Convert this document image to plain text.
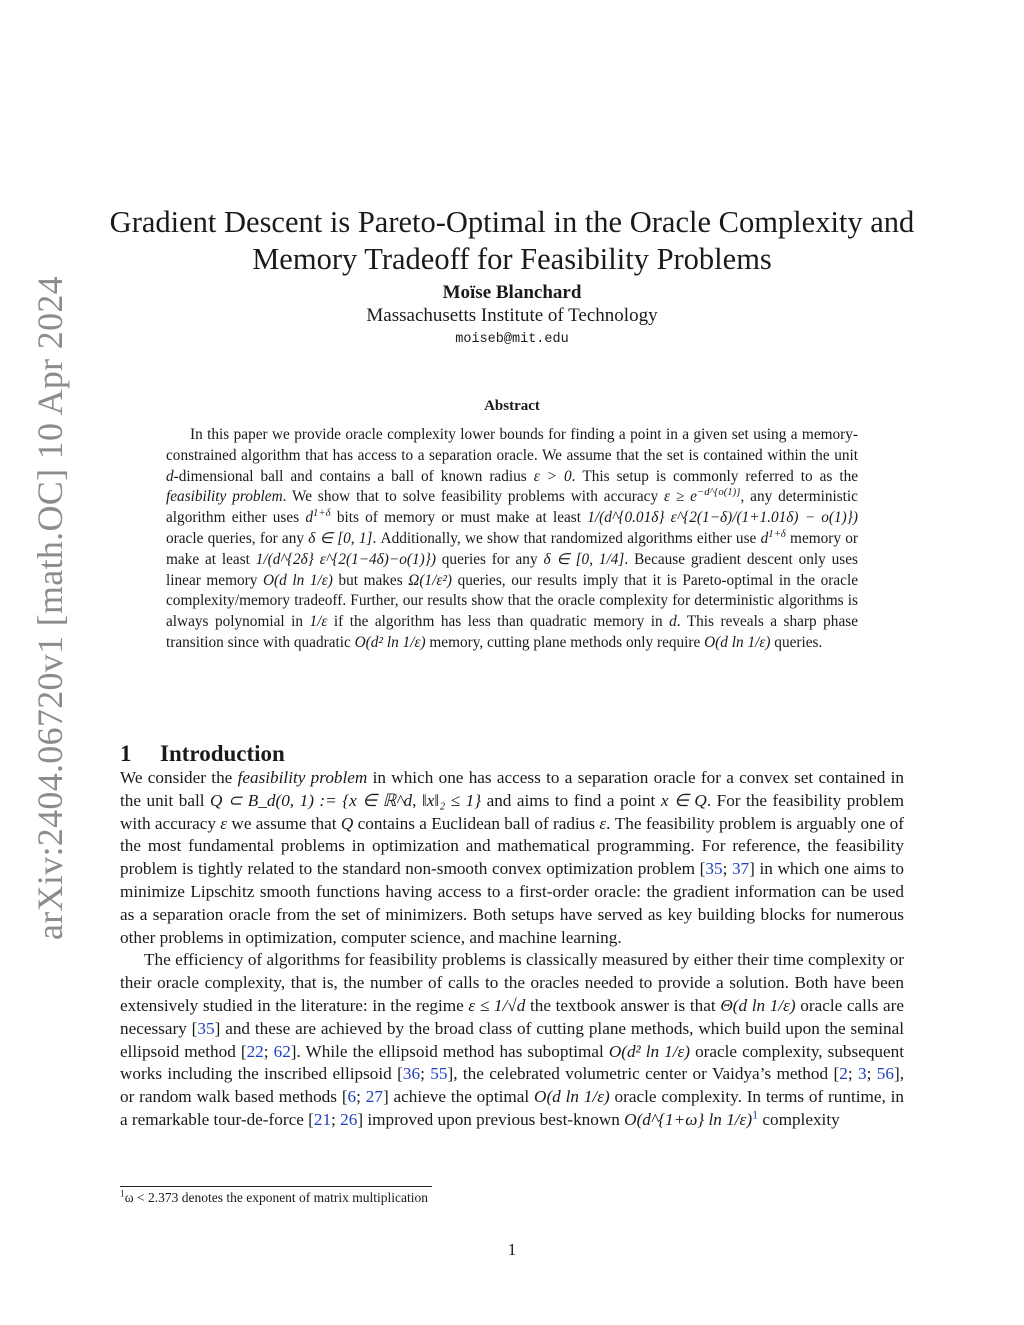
arXiv:2404.06720v1 [math.OC] 10 Apr 2024
Gradient Descent is Pareto-Optimal in the Oracle Complexity and Memory Tradeoff for Feasibility Problems
Moïse Blanchard
Massachusetts Institute of Technology
moiseb@mit.edu
Abstract

In this paper we provide oracle complexity lower bounds for finding a point in a given set using a memory-constrained algorithm that has access to a separation oracle. We assume that the set is contained within the unit d-dimensional ball and contains a ball of known radius ε > 0. This setup is commonly referred to as the feasibility problem. We show that to solve feasibility problems with accuracy $\varepsilon \ge e^{-d\^{}\{o(1)\}}$, any deterministic algorithm either uses $d^{1+\delta}$ bits of memory or must make at least 1/(d^{0.01δ} ε^{2(1−δ)/(1+1.01δ) − o(1)}) oracle queries, for any δ ∈ [0, 1]. Additionally, we show that randomized algorithms either use $d^{1+\delta}$ memory or make at least 1/(d^{2δ} ε^{2(1−4δ)−o(1)}) queries for any δ ∈ [0, 1/4]. Because gradient descent only uses linear memory O(d ln 1/ε) but makes Ω(1/ε²) queries, our results imply that it is Pareto-optimal in the oracle complexity/memory tradeoff. Further, our results show that the oracle complexity for deterministic algorithms is always polynomial in 1/ε if the algorithm has less than quadratic memory in d. This reveals a sharp phase transition since with quadratic O(d² ln 1/ε) memory, cutting plane methods only require O(d ln 1/ε) queries.

1 Introduction

We consider the feasibility problem in which one has access to a separation oracle for a convex set contained in the unit ball Q ⊂ B_d(0, 1) := {x ∈ ℝ^d, ‖x‖₂ ≤ 1} and aims to find a point x ∈ Q. For the feasibility problem with accuracy ε we assume that Q contains a Euclidean ball of radius ε. The feasibility problem is arguably one of the most fundamental problems in optimization and mathematical programming. For reference, the feasibility problem is tightly related to the standard non-smooth convex optimization problem [35; 37] in which one aims to minimize Lipschitz smooth functions having access to a first-order oracle: the gradient information can be used as a separation oracle from the set of minimizers. Both setups have served as key building blocks for numerous other problems in optimization, computer science, and machine learning.

The efficiency of algorithms for feasibility problems is classically measured by either their time complexity or their oracle complexity, that is, the number of calls to the oracles needed to provide a solution. Both have been extensively studied in the literature: in the regime ε ≤ 1/√d the textbook answer is that Θ(d ln 1/ε) oracle calls are necessary [35] and these are achieved by the broad class of cutting plane methods, which build upon the seminal ellipsoid method [22; 62]. While the ellipsoid method has suboptimal O(d² ln 1/ε) oracle complexity, subsequent works including the inscribed ellipsoid [36; 55], the celebrated volumetric center or Vaidya’s method [2; 3; 56], or random walk based methods [6; 27] achieve the optimal O(d ln 1/ε) oracle complexity. In terms of runtime, in a remarkable tour-de-force [21; 26] improved upon previous best-known O(d^{1+ω} ln 1/ε)$^1$ complexity

$^1$ω < 2.373 denotes the exponent of matrix multiplication
1
